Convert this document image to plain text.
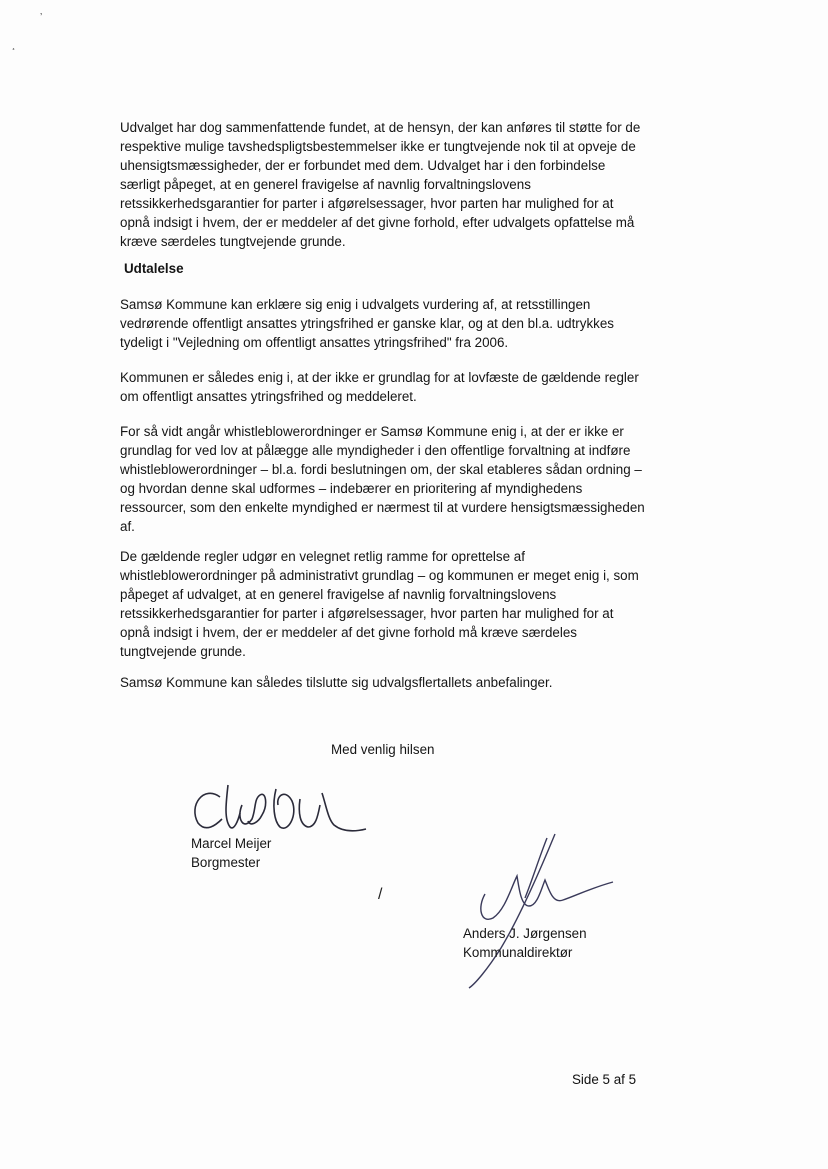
’
¸

Udvalget har dog sammenfattende fundet, at de hensyn, der kan anføres til støtte for de
respektive mulige tavshedspligtsbestemmelser ikke er tungtvejende nok til at opveje de
uhensigtsmæssigheder, der er forbundet med dem. Udvalget har i den forbindelse
særligt påpeget, at en generel fravigelse af navnlig forvaltningslovens
retssikkerhedsgarantier for parter i afgørelsessager, hvor parten har mulighed for at
opnå indsigt i hvem, der er meddeler af det givne forhold, efter udvalgets opfattelse må
kræve særdeles tungtvejende grunde.

Udtalelse

Samsø Kommune kan erklære sig enig i udvalgets vurdering af, at retsstillingen
vedrørende offentligt ansattes ytringsfrihed er ganske klar, og at den bl.a. udtrykkes
tydeligt i "Vejledning om offentligt ansattes ytringsfrihed" fra 2006.

Kommunen er således enig i, at der ikke er grundlag for at lovfæste de gældende regler
om offentligt ansattes ytringsfrihed og meddeleret.

For så vidt angår whistleblowerordninger er Samsø Kommune enig i, at der er ikke er
grundlag for ved lov at pålægge alle myndigheder i den offentlige forvaltning at indføre
whistleblowerordninger – bl.a. fordi beslutningen om, der skal etableres sådan ordning –
og hvordan denne skal udformes – indebærer en prioritering af myndighedens
ressourcer, som den enkelte myndighed er nærmest til at vurdere hensigtsmæssigheden
af.

De gældende regler udgør en velegnet retlig ramme for oprettelse af
whistleblowerordninger på administrativt grundlag – og kommunen er meget enig i, som
påpeget af udvalget, at en generel fravigelse af navnlig forvaltningslovens
retssikkerhedsgarantier for parter i afgørelsessager, hvor parten har mulighed for at
opnå indsigt i hvem, der er meddeler af det givne forhold må kræve særdeles
tungtvejende grunde.

Samsø Kommune kan således tilslutte sig udvalgsflertallets anbefalinger.

Med venlig hilsen
Marcel Meijer
Borgmester
/
Anders J. Jørgensen
Kommunaldirektør
Side 5 af 5
